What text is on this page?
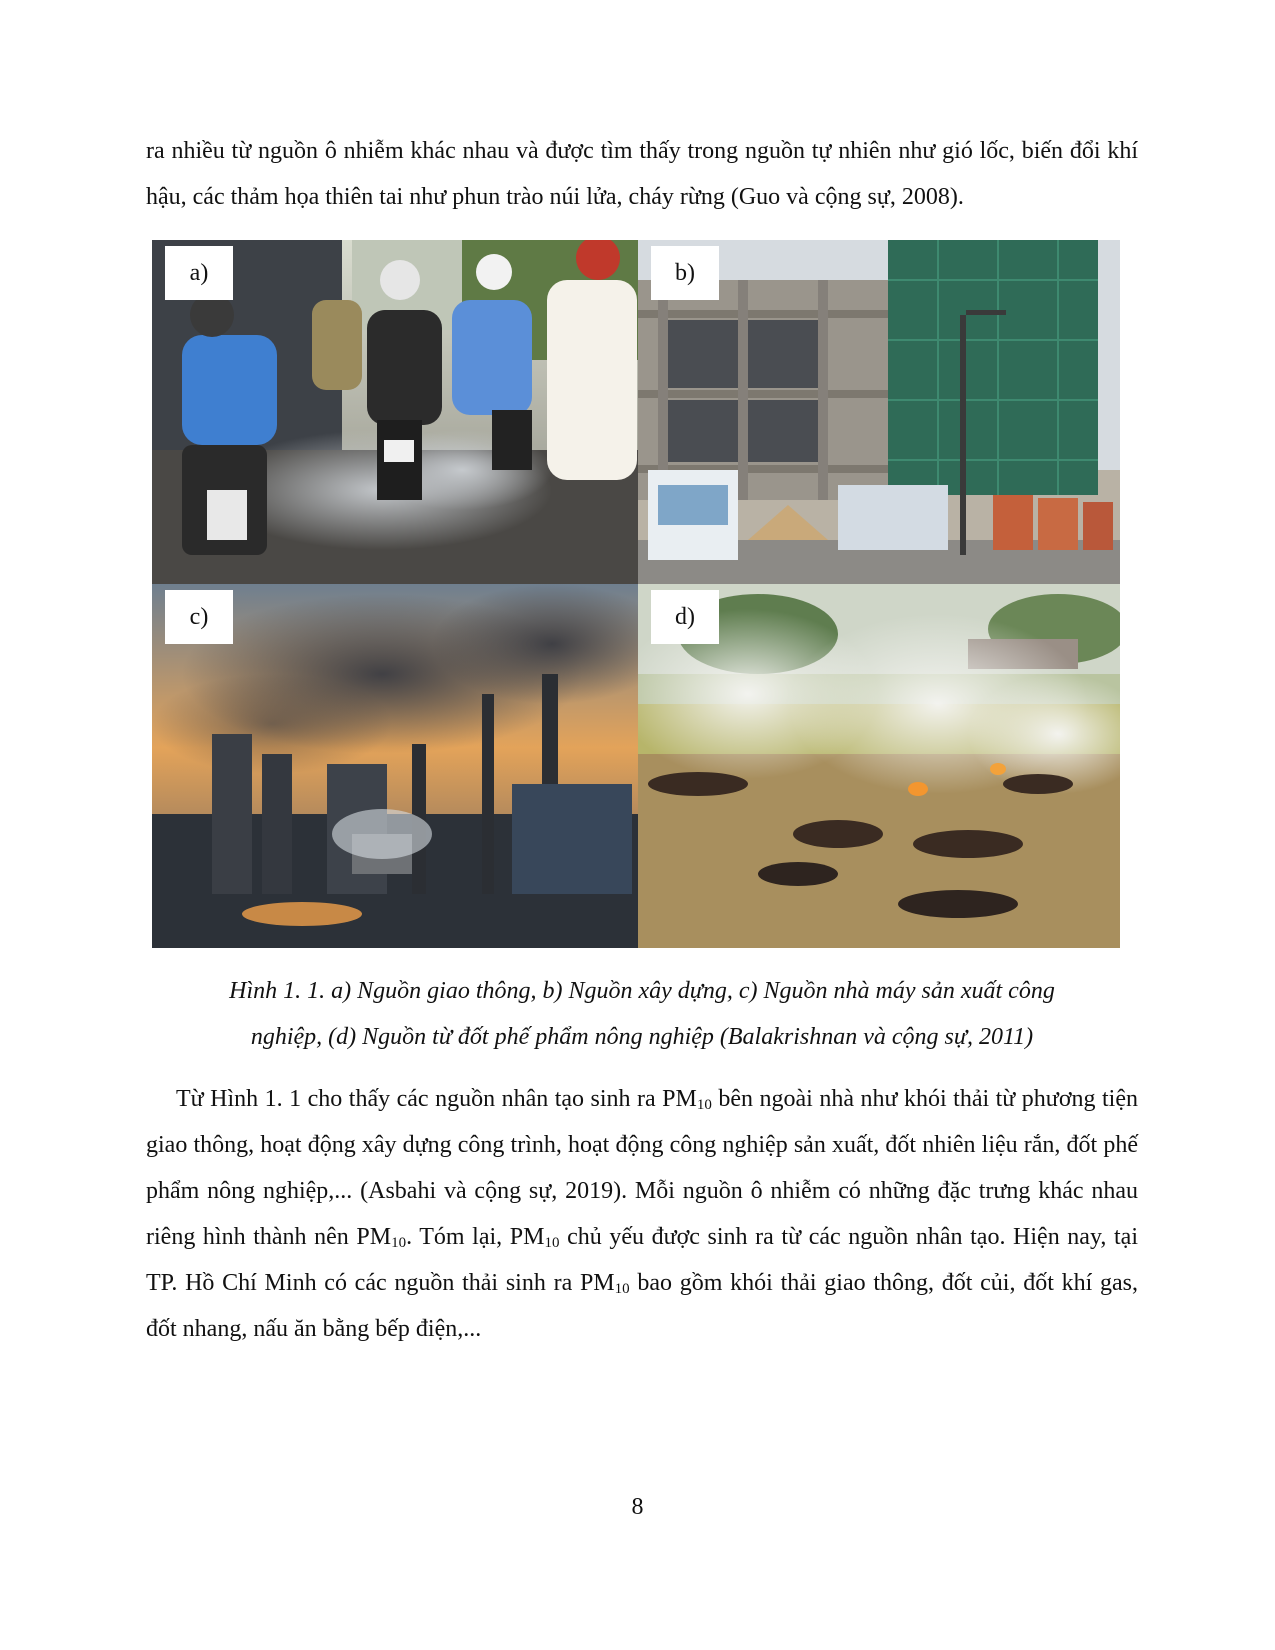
ra nhiều từ nguồn ô nhiễm khác nhau và được tìm thấy trong nguồn tự nhiên như gió lốc, biến đổi khí hậu, các thảm họa thiên tai như phun trào núi lửa, cháy rừng (Guo và cộng sự, 2008).

a)	b)
c)	d)

Hình 1. 1. a) Nguồn giao thông, b) Nguồn xây dựng, c) Nguồn nhà máy sản xuất công
nghiệp, (d) Nguồn từ đốt phế phẩm nông nghiệp (Balakrishnan và cộng sự, 2011)

Từ Hình 1. 1 cho thấy các nguồn nhân tạo sinh ra $PM_{10}$ bên ngoài nhà như khói thải từ phương tiện giao thông, hoạt động xây dựng công trình, hoạt động công nghiệp sản xuất, đốt nhiên liệu rắn, đốt phế phẩm nông nghiệp,... (Asbahi và cộng sự, 2019). Mỗi nguồn ô nhiễm có những đặc trưng khác nhau riêng hình thành nên $PM_{10}$. Tóm lại, $PM_{10}$ chủ yếu được sinh ra từ các nguồn nhân tạo. Hiện nay, tại TP. Hồ Chí Minh có các nguồn thải sinh ra $PM_{10}$ bao gồm khói thải giao thông, đốt củi, đốt khí gas, đốt nhang, nấu ăn bằng bếp điện,...

8
